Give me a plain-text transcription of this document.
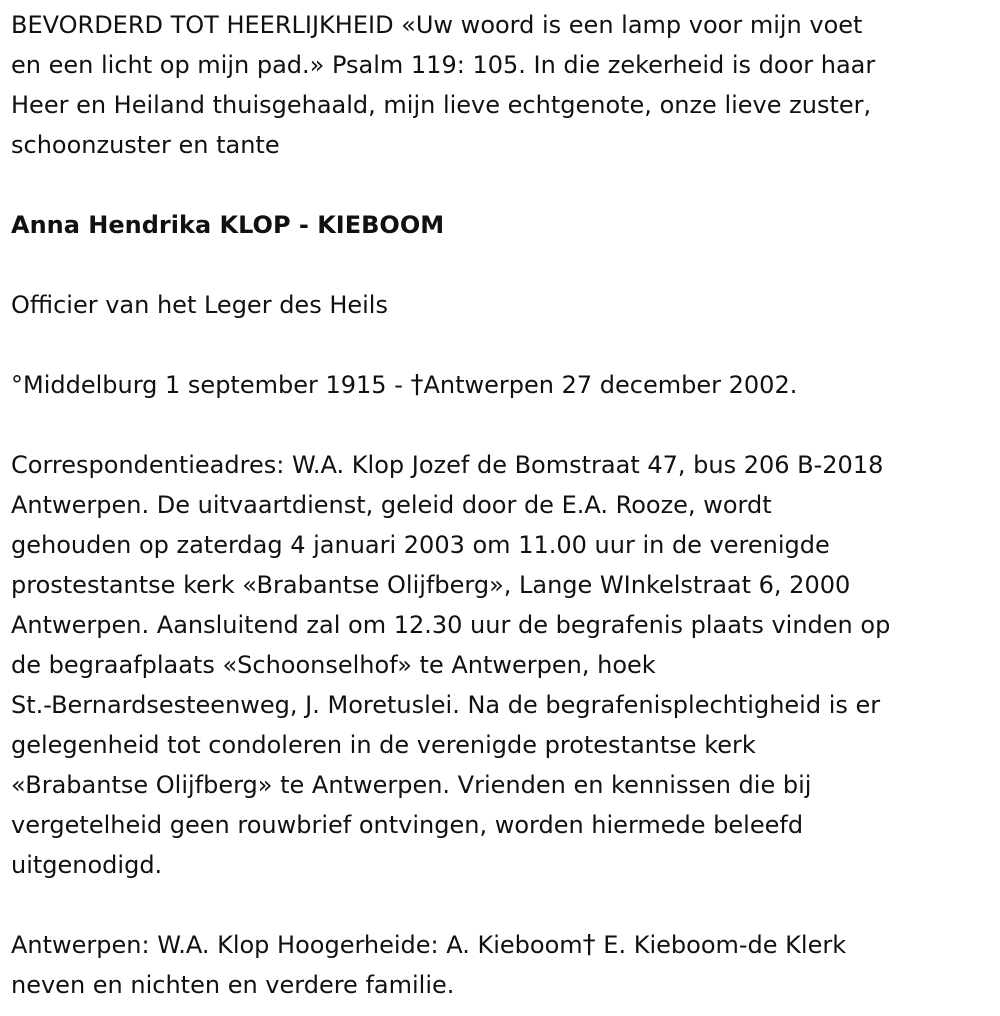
BEVORDERD TOT HEERLIJKHEID «Uw woord is een lamp voor mijn voet

en een licht op mijn pad.» Psalm 119: 105. In die zekerheid is door haar

Heer en Heiland thuisgehaald, mijn lieve echtgenote, onze lieve zuster,

schoonzuster en tante

Anna Hendrika KLOP - KIEBOOM

Officier van het Leger des Heils

°Middelburg 1 september 1915 - †Antwerpen 27 december 2002.

Correspondentieadres: W.A. Klop Jozef de Bomstraat 47, bus 206 B-2018

Antwerpen. De uitvaartdienst, geleid door de E.A. Rooze, wordt

gehouden op zaterdag 4 januari 2003 om 11.00 uur in de verenigde

prostestantse kerk «Brabantse Olijfberg», Lange WInkelstraat 6, 2000

Antwerpen. Aansluitend zal om 12.30 uur de begrafenis plaats vinden op

de begraafplaats «Schoonselhof» te Antwerpen, hoek

St.-Bernardsesteenweg, J. Moretuslei. Na de begrafenisplechtigheid is er

gelegenheid tot condoleren in de verenigde protestantse kerk

«Brabantse Olijfberg» te Antwerpen. Vrienden en kennissen die bij

vergetelheid geen rouwbrief ontvingen, worden hiermede beleefd

uitgenodigd.

Antwerpen: W.A. Klop Hoogerheide: A. Kieboom† E. Kieboom-de Klerk

neven en nichten en verdere familie.
